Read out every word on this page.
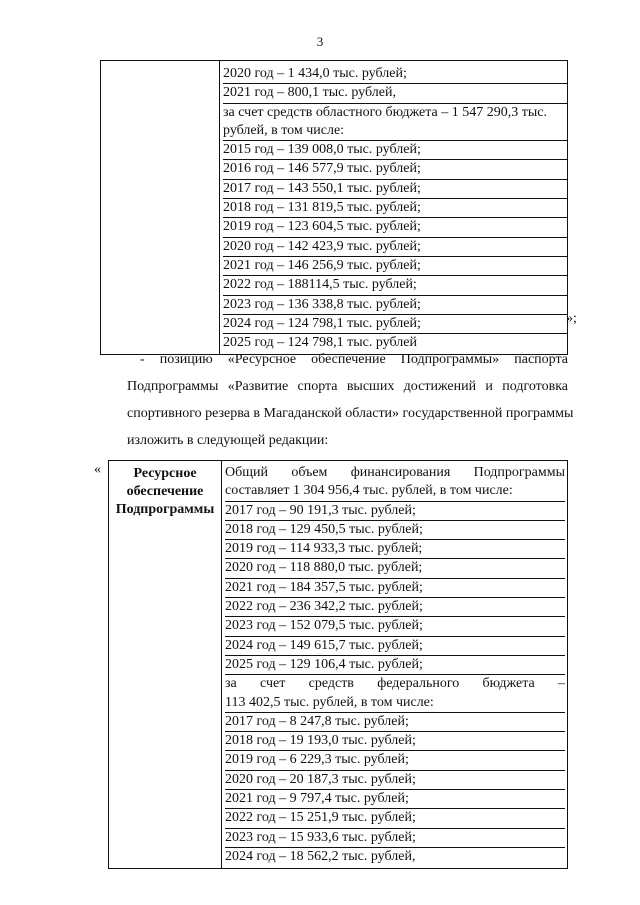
3

2020 год – 1 434,0 тыс. рублей;
2021 год – 800,1 тыс. рублей,
за счет средств областного бюджета – 1 547 290,3 тыс.
рублей, в том числе:
2015 год – 139 008,0 тыс. рублей;
2016 год – 146 577,9 тыс. рублей;
2017 год – 143 550,1 тыс. рублей;
2018 год – 131 819,5 тыс. рублей;
2019 год – 123 604,5 тыс. рублей;
2020 год – 142 423,9 тыс. рублей;
2021 год – 146 256,9 тыс. рублей;
2022 год – 188114,5 тыс. рублей;
2023 год – 136 338,8 тыс. рублей;
2024 год – 124 798,1 тыс. рублей;
2025 год – 124 798,1 тыс. рублей
»;
- позицию «Ресурсное обеспечение Подпрограммы» паспорта
Подпрограммы «Развитие спорта высших достижений и подготовка
спортивного резерва в Магаданской области» государственной программы
изложить в следующей редакции:
«	Ресурсное
обеспечение
Подпрограммы

Общий объем финансирования Подпрограммы
составляет 1 304 956,4 тыс. рублей, в том числе:
2017 год – 90 191,3 тыс. рублей;
2018 год – 129 450,5 тыс. рублей;
2019 год – 114 933,3 тыс. рублей;
2020 год – 118 880,0 тыс. рублей;
2021 год – 184 357,5 тыс. рублей;
2022 год – 236 342,2 тыс. рублей;
2023 год – 152 079,5 тыс. рублей;
2024 год – 149 615,7 тыс. рублей;
2025 год – 129 106,4 тыс. рублей;
за счет средств федерального бюджета –
113 402,5 тыс. рублей, в том числе:
2017 год – 8 247,8 тыс. рублей;
2018 год – 19 193,0 тыс. рублей;
2019 год – 6 229,3 тыс. рублей;
2020 год – 20 187,3 тыс. рублей;
2021 год – 9 797,4 тыс. рублей;
2022 год – 15 251,9 тыс. рублей;
2023 год – 15 933,6 тыс. рублей;
2024 год – 18 562,2 тыс. рублей,
